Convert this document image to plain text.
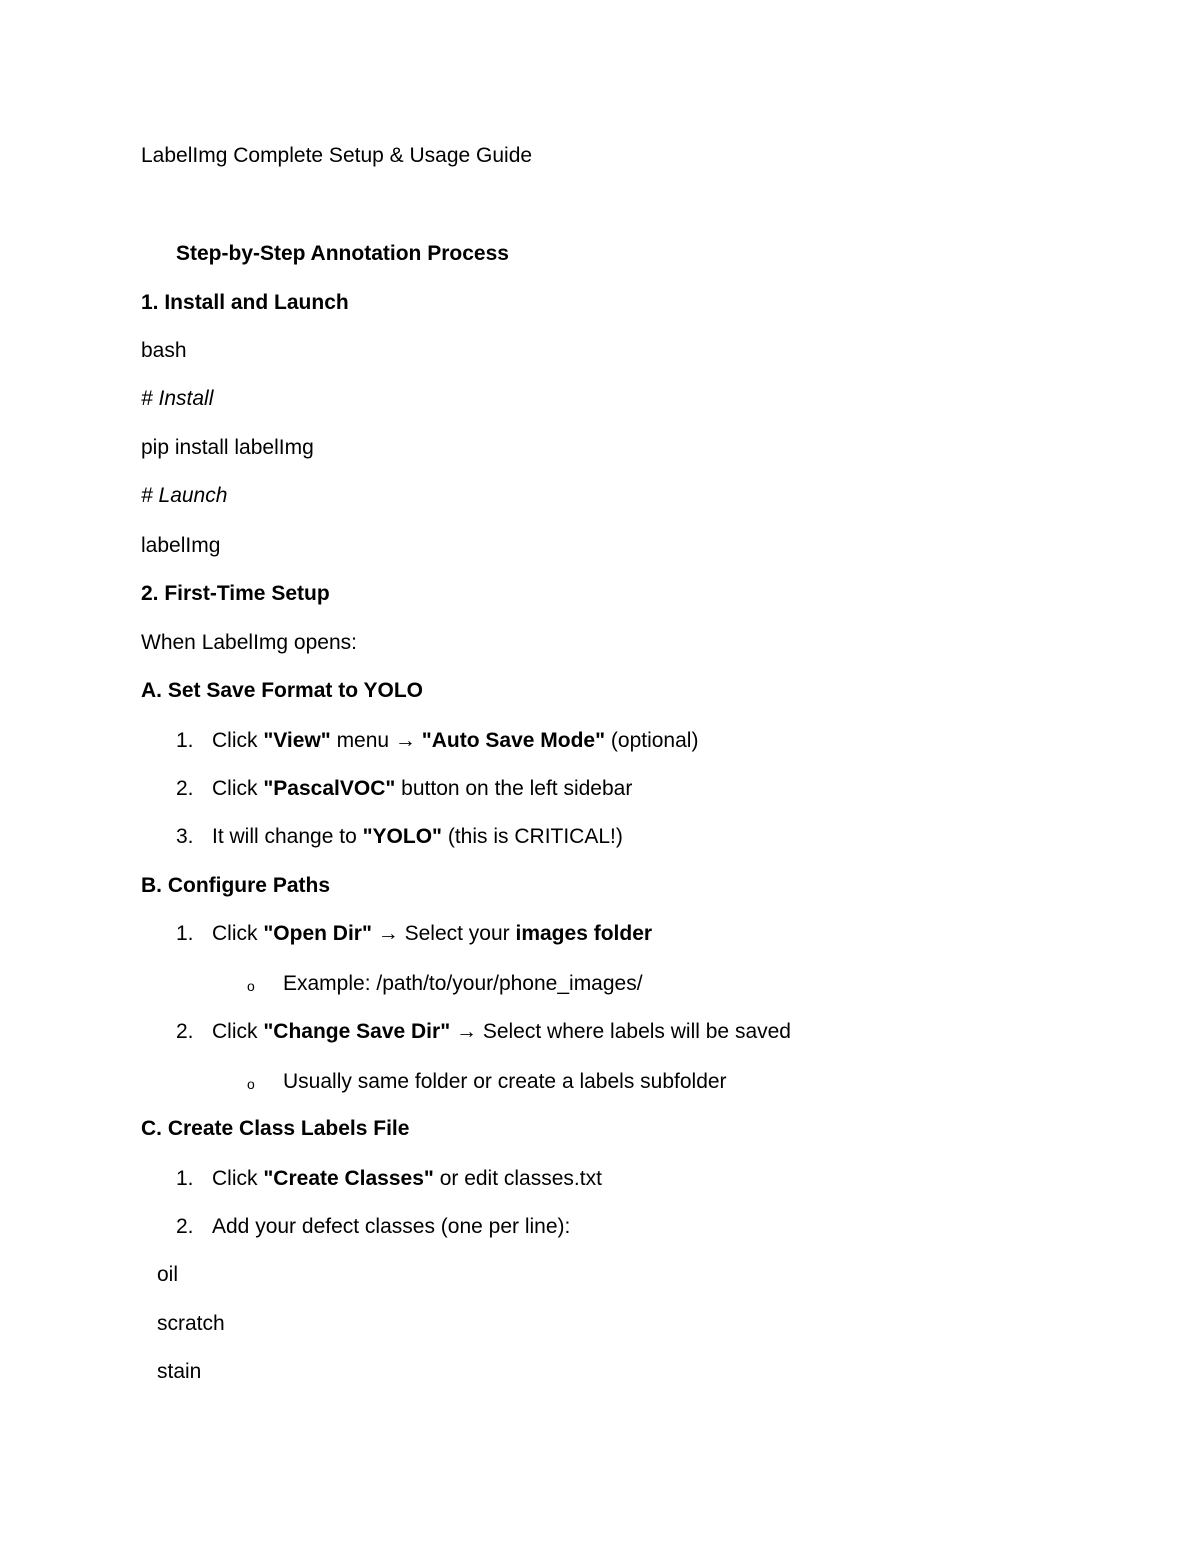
LabelImg Complete Setup & Usage Guide
Step-by-Step Annotation Process
1. Install and Launch
bash
# Install
pip install labelImg
# Launch
labelImg
2. First-Time Setup
When LabelImg opens:
A. Set Save Format to YOLO
1. Click "View" menu → "Auto Save Mode" (optional)
2. Click "PascalVOC" button on the left sidebar
3. It will change to "YOLO" (this is CRITICAL!)
B. Configure Paths
1. Click "Open Dir" → Select your images folder
o Example: /path/to/your/phone_images/
2. Click "Change Save Dir" → Select where labels will be saved
o Usually same folder or create a labels subfolder
C. Create Class Labels File
1. Click "Create Classes" or edit classes.txt
2. Add your defect classes (one per line):
oil
scratch
stain
